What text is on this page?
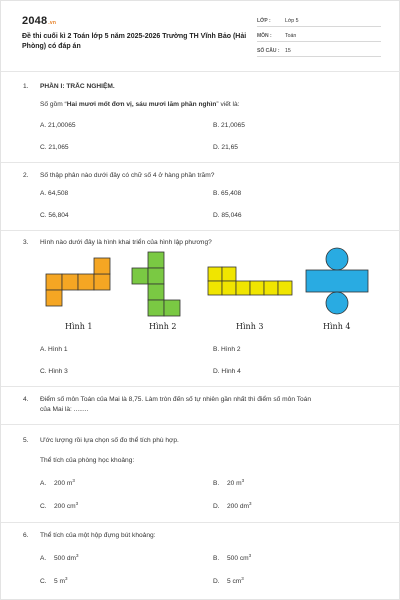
2048.vn
Đề thi cuối kì 2 Toán lớp 5 năm 2025-2026 Trường TH Vĩnh Bảo (Hải Phòng) có đáp án
LỚP :	Lớp 5
MÔN :	Toán
SỐ CÂU : 15
1. PHẦN I: TRẮC NGHIỆM.
Số gồm “Hai mươi mốt đơn vị, sáu mươi lăm phần nghìn” viết là:
A. 21,00065	B. 21,0065
C. 21,065	D. 21,65
2. Số thập phân nào dưới đây có chữ số 4 ở hàng phần trăm?
A. 64,508	B. 65,408
C. 56,804	D. 85,046
3. Hình nào dưới đây là hình khai triển của hình lập phương?
Hình 1	Hình 2	Hình 3	Hình 4
A. Hình 1	B. Hình 2
C. Hình 3	D. Hình 4
4. Điểm số môn Toán của Mai là 8,75. Làm tròn đến số tự nhiên gần nhất thì điểm số môn Toán
của Mai là: ........
5. Ước lượng rồi lựa chọn số đo thể tích phù hợp.
Thể tích của phòng học khoảng:
A. 200 $m^3$	B. 20 $m^3$
C. 200 $cm^3$	D. 200 $dm^3$
6. Thể tích của một hộp đựng bút khoảng:
A. 500 $dm^3$	B. 500 $cm^3$
C. 5 $m^3$	D. 5 $cm^3$
